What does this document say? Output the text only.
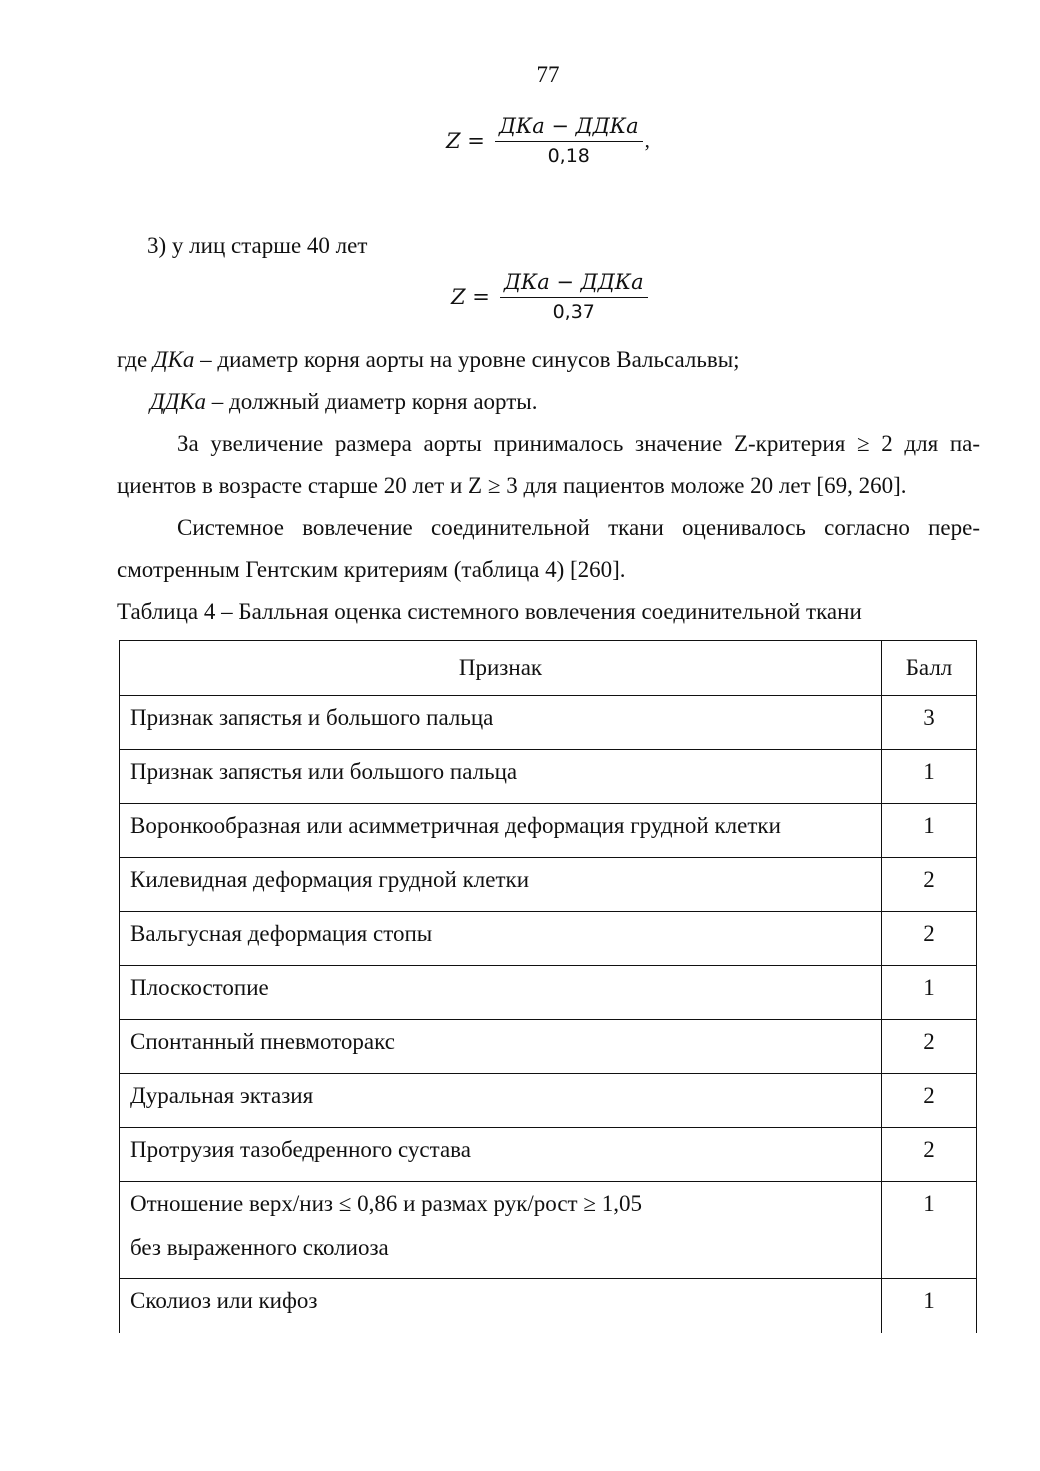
77
$Z = \frac{\text{ДКа − ДДКа}}{0,18}$ ,
3) у лиц старше 40 лет
$Z = \frac{\text{ДКа − ДДКа}}{0,37}$
где ДКа – диаметр корня аорты на уровне синусов Вальсальвы;
ДДКа – должный диаметр корня аорты.
За увеличение размера аорты принималось значение Z-критерия ≥ 2 для па-
циентов в возрасте старше 20 лет и Z ≥ 3 для пациентов моложе 20 лет [69, 260].
Системное вовлечение соединительной ткани оценивалось согласно пере-
смотренным Гентским критериям (таблица 4) [260].
Таблица 4 – Балльная оценка системного вовлечения соединительной ткани
Признак	Балл
Признак запястья и большого пальца	3
Признак запястья или большого пальца	1
Воронкообразная или асимметричная деформация грудной клетки	1
Килевидная деформация грудной клетки	2
Вальгусная деформация стопы	2
Плоскостопие	1
Спонтанный пневмоторакс	2
Дуральная эктазия	2
Протрузия тазобедренного сустава	2

Отношение верх/низ ≤ 0,86 и размах рук/рост ≥ 1,05
без выраженного сколиоза	1
Сколиоз или кифоз	1
